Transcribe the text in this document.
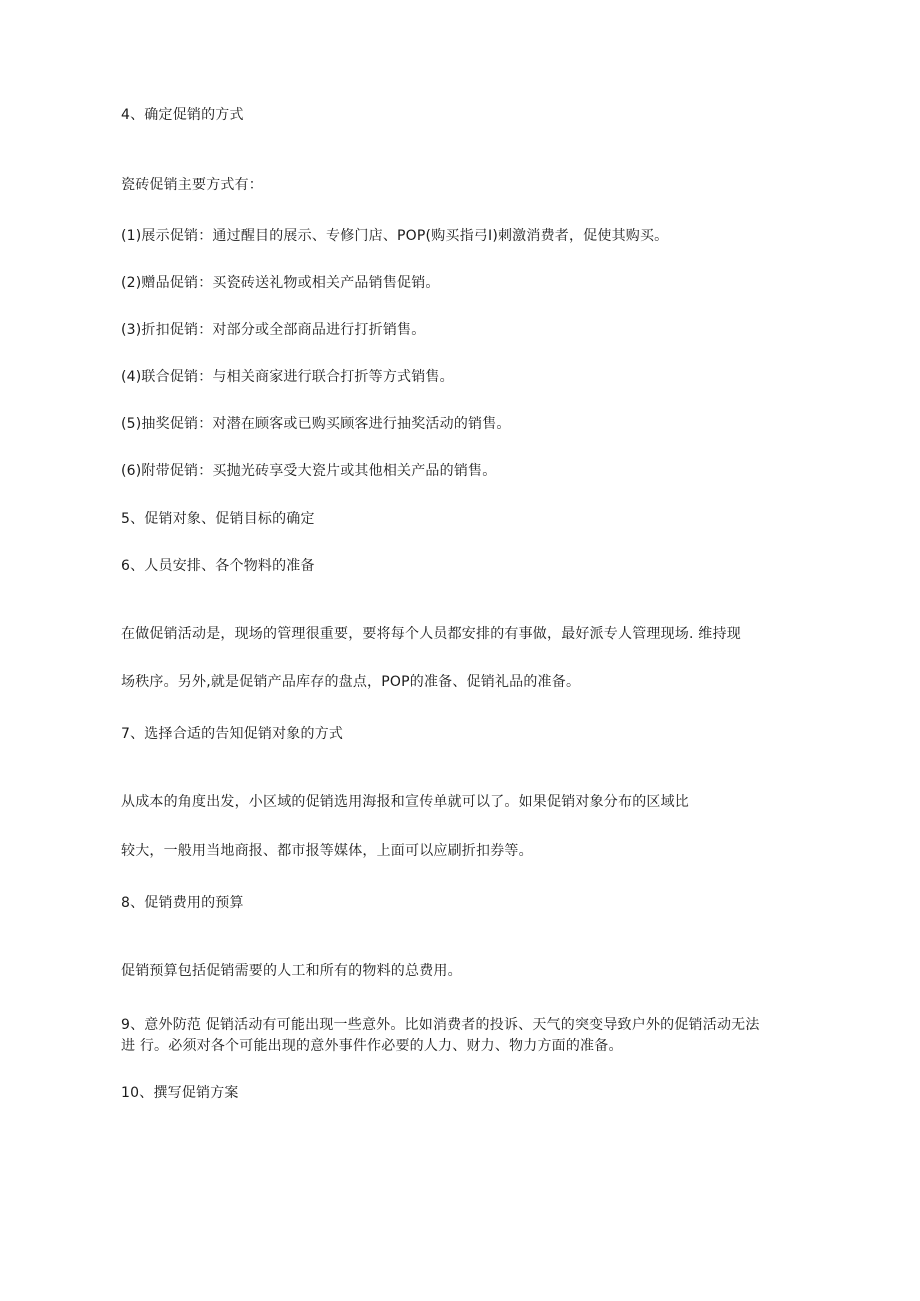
4、确定促销的方式
瓷砖促销主要方式有：
(1)展示促销：通过醒目的展示、专修门店、POP(购买指弓I)刺激消费者，促使其购买。
(2)赠品促销：买瓷砖送礼物或相关产品销售促销。
(3)折扣促销：对部分或全部商品进行打折销售。
(4)联合促销：与相关商家进行联合打折等方式销售。
(5)抽奖促销：对潜在顾客或已购买顾客进行抽奖活动的销售。
(6)附带促销：买抛光砖享受大瓷片或其他相关产品的销售。
5、促销对象、促销目标的确定
6、人员安排、各个物料的准备
在做促销活动是，现场的管理很重要，要将每个人员都安排的有事做，最好派专人管理现场. 维持现
场秩序。另外,就是促销产品库存的盘点，POP的准备、促销礼品的准备。
7、选择合适的告知促销对象的方式
从成本的角度出发，小区域的促销选用海报和宣传单就可以了。如果促销对象分布的区域比
较大，一般用当地商报、都市报等媒体，上面可以应刷折扣券等。
8、促销费用的预算
促销预算包括促销需要的人工和所有的物料的总费用。
9、意外防范 促销活动有可能出现一些意外。比如消费者的投诉、天气的突变导致户外的促销活动无法
进 行。必须对各个可能出现的意外事件作必要的人力、财力、物力方面的准备。
10、撰写促销方案
